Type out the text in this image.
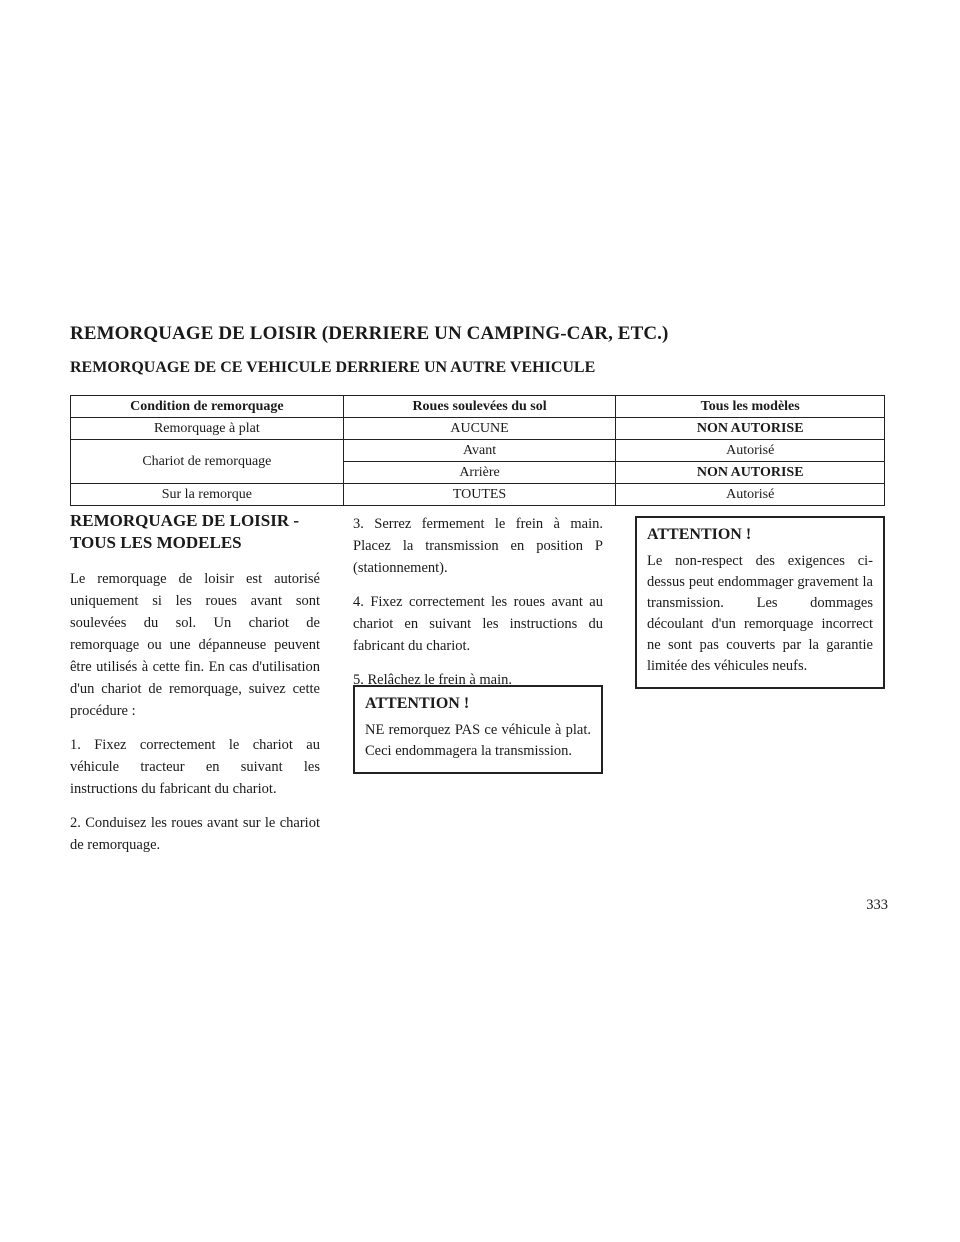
REMORQUAGE DE LOISIR (DERRIERE UN CAMPING-CAR, ETC.)
REMORQUAGE DE CE VEHICULE DERRIERE UN AUTRE VEHICULE
Condition de remorquage	Roues soulevées du sol	Tous les modèles
Remorquage à plat	AUCUNE	NON AUTORISE
Chariot de remorquage	Avant	Autorisé
	Arrière	NON AUTORISE
Sur la remorque	TOUTES	Autorisé
REMORQUAGE DE LOISIR - TOUS LES MODELES

Le remorquage de loisir est autorisé uniquement si les roues avant sont soulevées du sol. Un chariot de remorquage ou une dépanneuse peuvent être utilisés à cette fin. En cas d'utilisation d'un chariot de remorquage, suivez cette procédure :

1. Fixez correctement le chariot au véhicule tracteur en suivant les instructions du fabricant du chariot.

2. Conduisez les roues avant sur le chariot de remorquage.

3. Serrez fermement le frein à main. Placez la transmission en position P (stationnement).

4. Fixez correctement les roues avant au chariot en suivant les instructions du fabricant du chariot.

5. Relâchez le frein à main.

ATTENTION !

NE remorquez PAS ce véhicule à plat. Ceci endommagera la transmission.

ATTENTION !

Le non-respect des exigences ci-dessus peut endommager gravement la transmission. Les dommages découlant d'un remorquage incorrect ne sont pas couverts par la garantie limitée des véhicules neufs.

333
